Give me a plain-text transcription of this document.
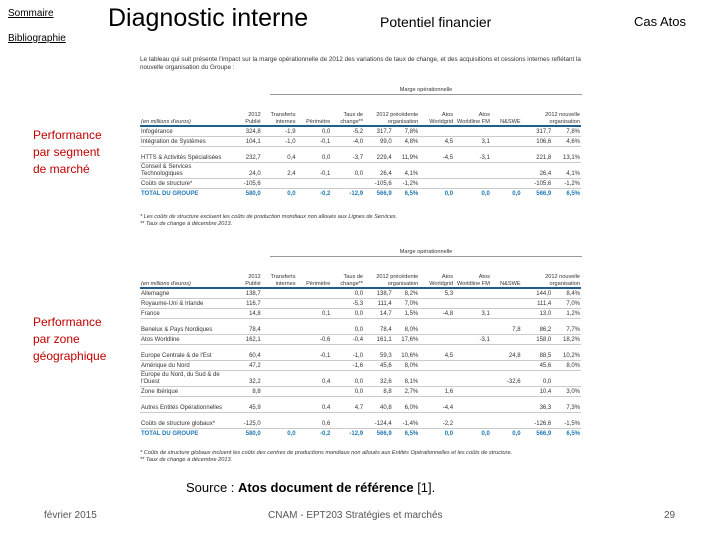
Sommaire
Bibliographie
Diagnostic interne	Potentiel financier	Cas Atos
Performance par segment de marché
Performance par zone géographique
Le tableau qui suit présente l'impact sur la marge opérationnelle de 2012 des variations de taux de change, et des acquisitions et cessions internes reflétant la nouvelle organisation du Groupe :
Marge opérationnelle
(en millions d'euros)	2012 Publié	Transferts internes	Périmètre	Taux de change**	2012 précédente organisation		Atos Worldgrid	Atos Worldline FM	N&SWE	2012 nouvelle organisation	
Infogérance	324,8	-1,9	0,0	-5,2	317,7	7,8%				317,7	7,8%
Intégration de Systèmes	104,1	-1,0	-0,1	-4,0	99,0	4,8%	4,5	3,1		106,6	4,6%
HTTS & Activités Spécialisées	232,7	0,4	0,0	-3,7	229,4	11,9%	-4,5	-3,1		221,8	13,1%
Conseil & Services Technologiques	24,0	2,4	-0,1	0,0	26,4	4,1%				26,4	4,1%
Coûts de structure*	-105,6				-105,6	-1,2%				-105,6	-1,2%
TOTAL DU GROUPE	580,0	0,0	-0,2	-12,9	566,9	6,5%	0,0	0,0	0,0	566,9	6,5%
* Les coûts de structure excluent les coûts de production mondiaux non alloués aux Lignes de Services.
** Taux de change à décembre 2013.
Marge opérationnelle
(en millions d'euros)	2012 Publié	Transferts internes	Périmètre	Taux de change**	2012 précédente organisation		Atos Worldgrid	Atos Worldline FM	N&SWE	2012 nouvelle organisation	
Allemagne	138,7			0,0	138,7	8,2%	5,3			144,0	8,4%
Royaume-Uni & Irlande	116,7			-5,3	111,4	7,0%				111,4	7,0%
France	14,8		0,1	0,0	14,7	1,5%	-4,8	3,1		13,0	1,2%
Benelux & Pays Nordiques	78,4			0,0	78,4	8,0%			7,8	86,2	7,7%
Atos Worldline	162,1		-0,6	-0,4	161,1	17,6%		-3,1		158,0	18,2%
Europe Centrale & de l'Est	60,4		-0,1	-1,0	59,3	10,6%	4,5		24,8	88,5	10,2%
Amérique du Nord	47,2			-1,6	45,6	8,0%				45,6	8,0%
Europe du Nord, du Sud & de l'Ouest	32,2		0,4	0,0	32,6	8,1%			-32,6	0,0	
Zone Ibérique	8,8			0,0	8,8	2,7%	1,6			10,4	3,0%
Autres Entités Opérationnelles	45,9		0,4	4,7	40,8	6,0%	-4,4			36,3	7,3%
Coûts de structure globaux*	-125,0		0,6		-124,4	-1,4%	-2,2			-126,6	-1,5%
TOTAL DU GROUPE	580,0	0,0	-0,2	-12,9	566,9	6,5%	0,0	0,0	0,0	566,9	6,5%
* Coûts de structure globaux incluent les coûts des centres de productions mondiaux non alloués aux Entités Opérationnelles et les coûts de structure.
** Taux de change à décembre 2013.
Source : Atos document de référence [1].
février 2015	CNAM - EPT203 Stratégies et marchés	29
